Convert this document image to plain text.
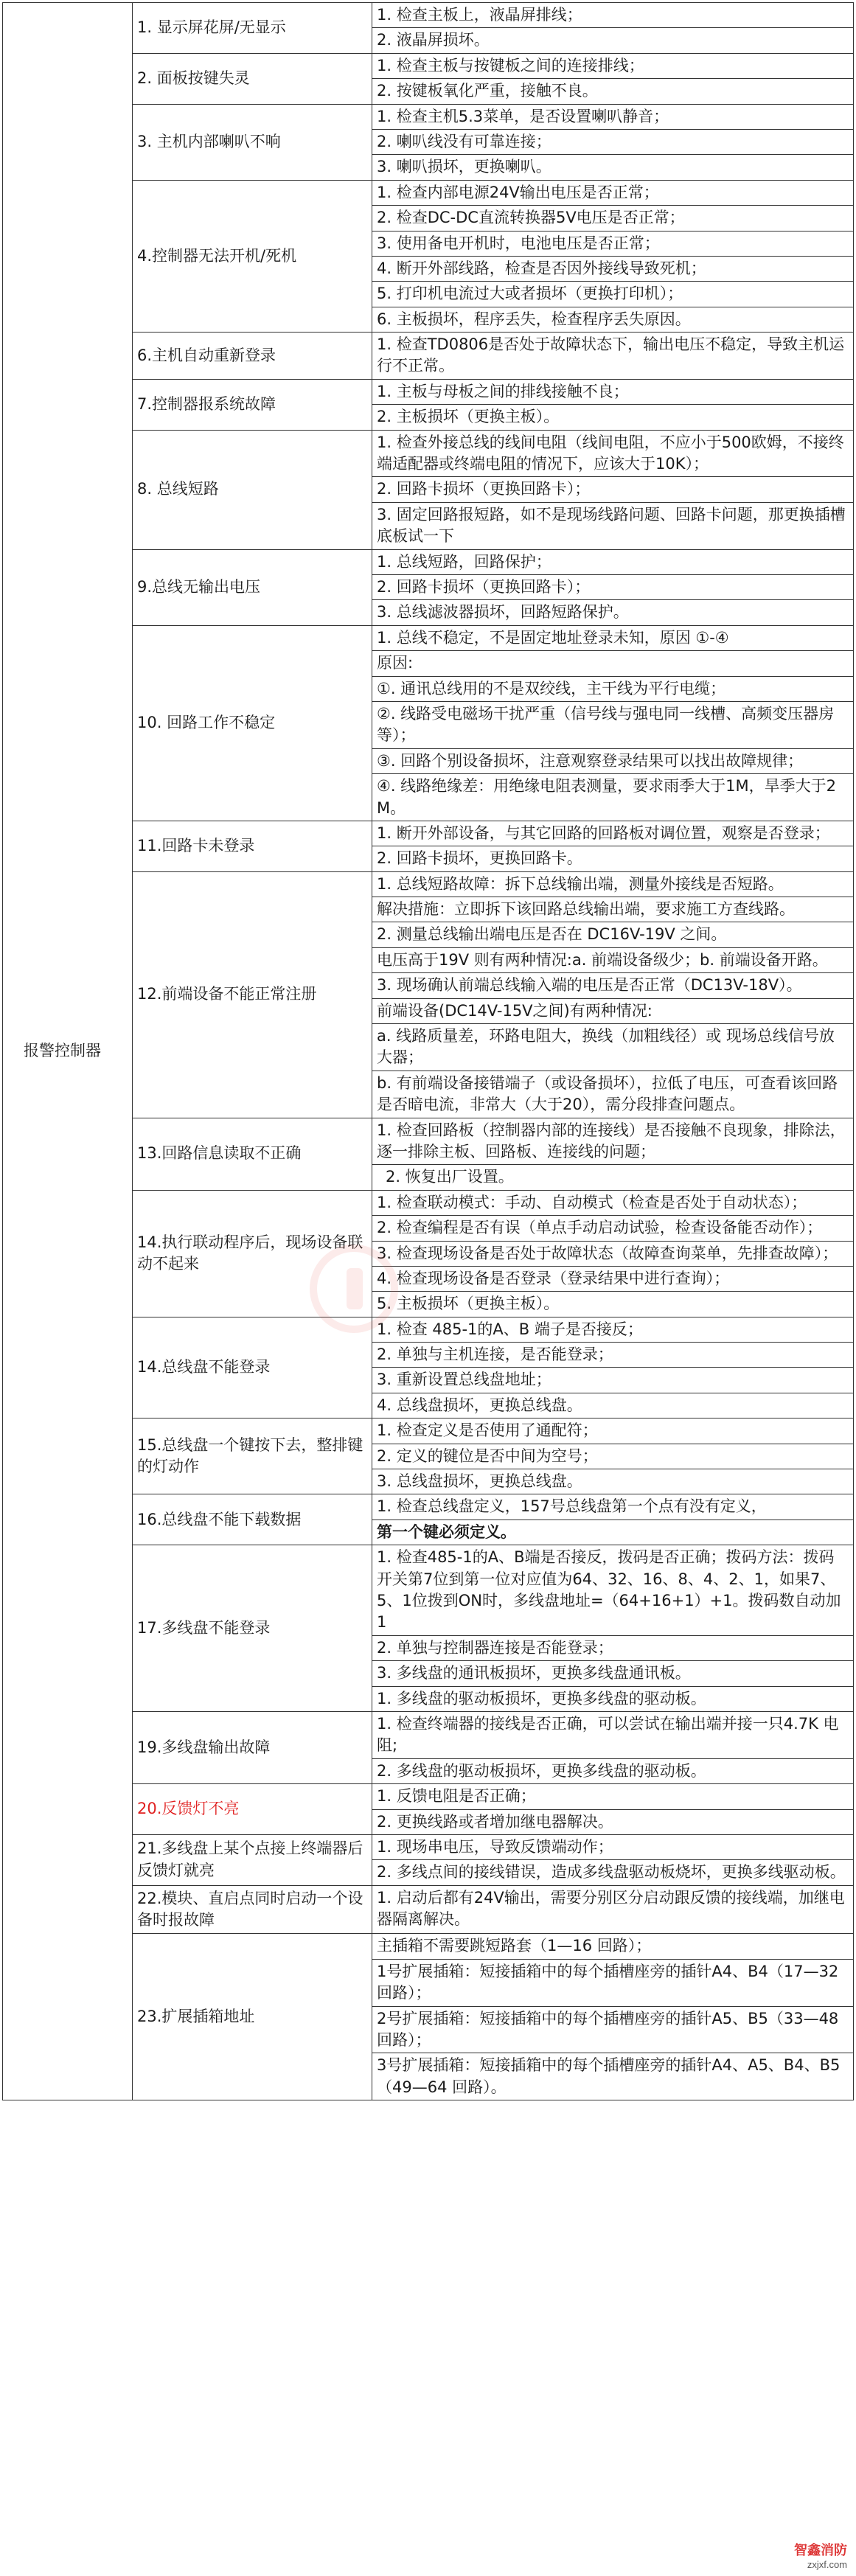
报警控制器	1. 显示屏花屏/无显示	1. 检查主板上，液晶屏排线；
		2. 液晶屏损坏。
	2. 面板按键失灵	1. 检查主板与按键板之间的连接排线；
		2. 按键板氧化严重，接触不良。
	3. 主机内部喇叭不响	1. 检查主机5.3菜单，是否设置喇叭静音；
		2. 喇叭线没有可靠连接；
		3. 喇叭损坏，更换喇叭。
	4.控制器无法开机/死机	1. 检查内部电源24V输出电压是否正常；
		2. 检查DC-DC直流转换器5V电压是否正常；
		3. 使用备电开机时，电池电压是否正常；
		4. 断开外部线路，检查是否因外接线导致死机；
		5. 打印机电流过大或者损坏（更换打印机）；
		6. 主板损坏，程序丢失，检查程序丢失原因。
	6.主机自动重新登录	1. 检查TD0806是否处于故障状态下，输出电压不稳定，导致主机运行不正常。
	7.控制器报系统故障	1. 主板与母板之间的排线接触不良；
		2. 主板损坏（更换主板）。
	8. 总线短路	1. 检查外接总线的线间电阻（线间电阻，不应小于500欧姆，不接终端适配器或终端电阻的情况下，应该大于10K）；
		2. 回路卡损坏（更换回路卡）；
		3. 固定回路报短路，如不是现场线路问题、回路卡问题，那更换插槽底板试一下
	9.总线无输出电压	1. 总线短路，回路保护；
		2. 回路卡损坏（更换回路卡）；
		3. 总线滤波器损坏，回路短路保护。
	10. 回路工作不稳定	1. 总线不稳定，不是固定地址登录未知，原因 ①-④
		原因:
		①. 通讯总线用的不是双绞线，主干线为平行电缆；
		②. 线路受电磁场干扰严重（信号线与强电同一线槽、高频变压器房等）；
		③. 回路个别设备损坏，注意观察登录结果可以找出故障规律；
		④. 线路绝缘差：用绝缘电阻表测量，要求雨季大于1M，旱季大于2M。
	11.回路卡未登录	1. 断开外部设备，与其它回路的回路板对调位置，观察是否登录；
		2. 回路卡损坏，更换回路卡。
	12.前端设备不能正常注册	1. 总线短路故障：拆下总线输出端，测量外接线是否短路。
		解决措施：立即拆下该回路总线输出端，要求施工方查线路。
		2. 测量总线输出端电压是否在 DC16V-19V 之间。
		电压高于19V 则有两种情况:a. 前端设备级少；b. 前端设备开路。
		3. 现场确认前端总线输入端的电压是否正常（DC13V-18V）。
		前端设备(DC14V-15V之间)有两种情况:
		a. 线路质量差，环路电阻大，换线（加粗线径）或 现场总线信号放大器；
		b. 有前端设备接错端子（或设备损坏），拉低了电压，可查看该回路是否暗电流，非常大（大于20），需分段排查问题点。
	13.回路信息读取不正确	1. 检查回路板（控制器内部的连接线）是否接触不良现象，排除法，逐一排除主板、回路板、连接线的问题；
		2. 恢复出厂设置。
	14.执行联动程序后，现场设备联动不起来	1. 检查联动模式：手动、自动模式（检查是否处于自动状态）；
		2. 检查编程是否有误（单点手动启动试验，检查设备能否动作）；
		3. 检查现场设备是否处于故障状态（故障查询菜单，先排查故障）；
		4. 检查现场设备是否登录（登录结果中进行查询）；
		5. 主板损坏（更换主板）。
	14.总线盘不能登录	1. 检查 485-1的A、B 端子是否接反；
		2. 单独与主机连接，是否能登录；
		3. 重新设置总线盘地址；
		4. 总线盘损坏，更换总线盘。
	15.总线盘一个键按下去，整排键的灯动作	1. 检查定义是否使用了通配符；
		2. 定义的键位是否中间为空号；
		3. 总线盘损坏，更换总线盘。
	16.总线盘不能下载数据	1. 检查总线盘定义，157号总线盘第一个点有没有定义，
		第一个键必须定义。
	17.多线盘不能登录	1. 检查485-1的A、B端是否接反，拨码是否正确；拨码方法：拨码开关第7位到第一位对应值为64、32、16、8、4、2、1，如果7、5、1位拨到ON时，多线盘地址=（64+16+1）+1。拨码数自动加1
		2. 单独与控制器连接是否能登录；
		3. 多线盘的通讯板损坏，更换多线盘通讯板。
		1. 多线盘的驱动板损坏，更换多线盘的驱动板。
	19.多线盘输出故障	1. 检查终端器的接线是否正确，可以尝试在输出端并接一只4.7K 电阻;
		2. 多线盘的驱动板损坏，更换多线盘的驱动板。
	20.反馈灯不亮	1. 反馈电阻是否正确；
		2. 更换线路或者增加继电器解决。
	21.多线盘上某个点接上终端器后反馈灯就亮	1. 现场串电压，导致反馈端动作；
		2. 多线点间的接线错误，造成多线盘驱动板烧坏，更换多线驱动板。
	22.模块、直启点同时启动一个设备时报故障	1. 启动后都有24V输出，需要分别区分启动跟反馈的接线端，加继电器隔离解决。
	23.扩展插箱地址	主插箱不需要跳短路套（1—16 回路）；
		1号扩展插箱：短接插箱中的每个插槽座旁的插针A4、B4（17—32 回路）；
		2号扩展插箱：短接插箱中的每个插槽座旁的插针A5、B5（33—48 回路）；
		3号扩展插箱：短接插箱中的每个插槽座旁的插针A4、A5、B4、B5（49—64 回路）。
智鑫消防
zxjxf.com
